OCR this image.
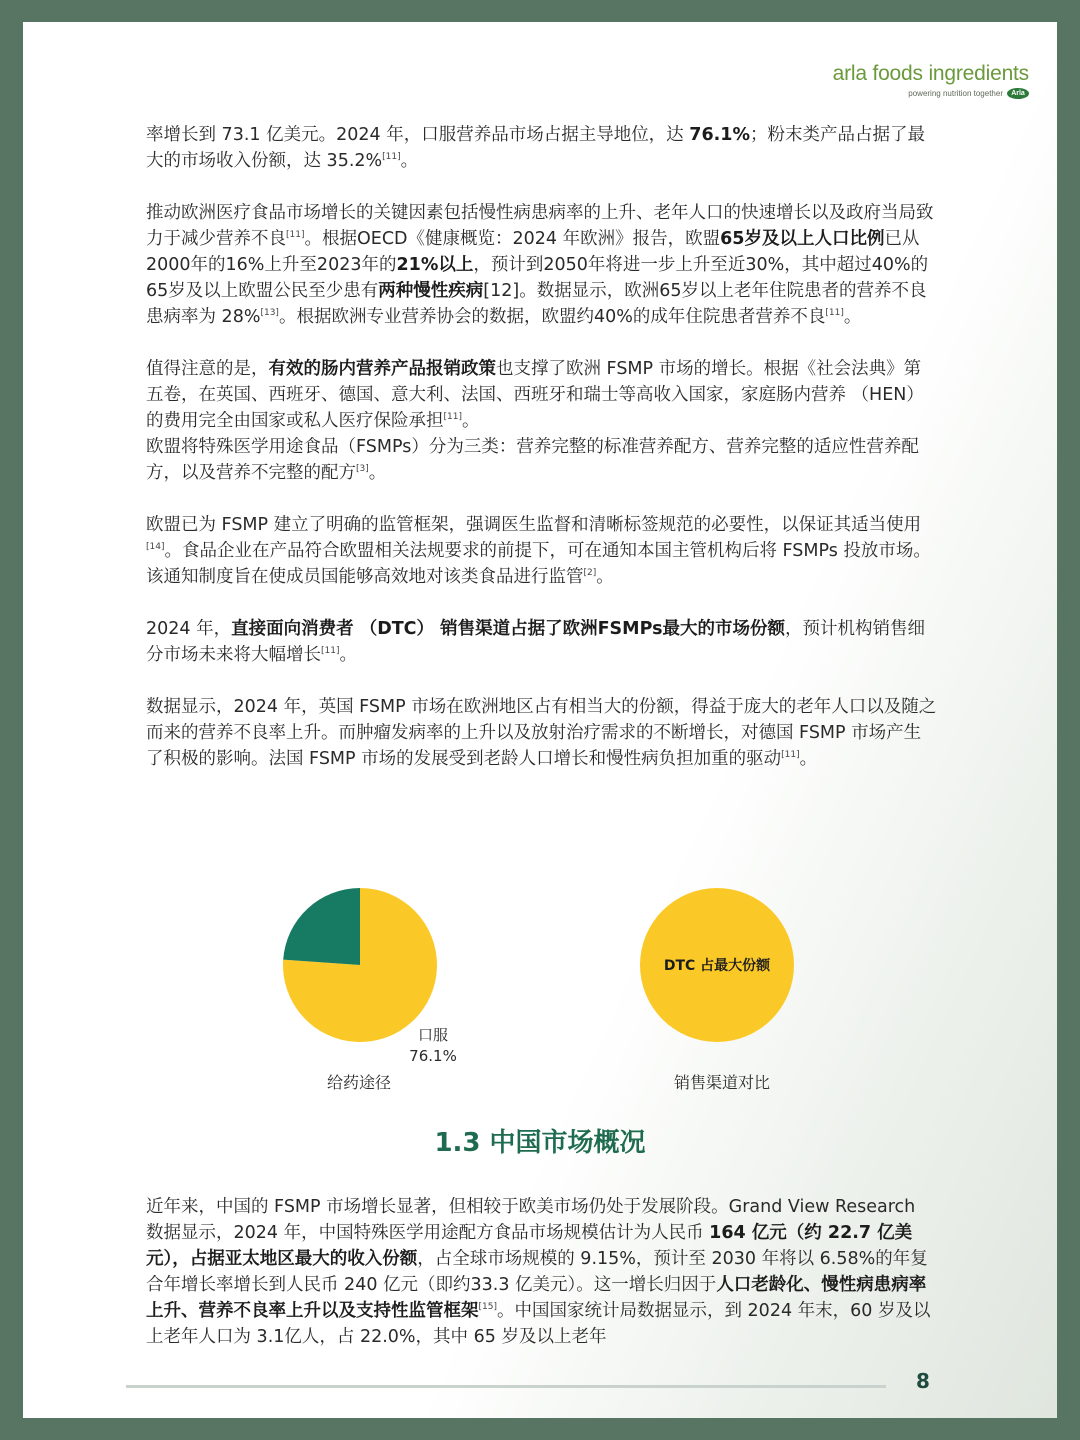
arla foods ingredients
powering nutrition together	Arla

率增长到 73.1 亿美元。2024 年，口服营养品市场占据主导地位，达 76.1%；粉末类产品占据了最大的市场收入份额，达 35.2%[11]。

推动欧洲医疗食品市场增长的关键因素包括慢性病患病率的上升、老年人口的快速增长以及政府当局致力于减少营养不良[11]。根据OECD《健康概览：2024 年欧洲》报告，欧盟65岁及以上人口比例已从2000年的16%上升至2023年的21%以上，预计到2050年将进一步上升至近30%，其中超过40%的65岁及以上欧盟公民至少患有两种慢性疾病[12]。数据显示，欧洲65岁以上老年住院患者的营养不良患病率为 28%[13]。根据欧洲专业营养协会的数据，欧盟约40%的成年住院患者营养不良[11]。

值得注意的是，有效的肠内营养产品报销政策也支撑了欧洲 FSMP 市场的增长。根据《社会法典》第五卷，在英国、西班牙、德国、意大利、法国、西班牙和瑞士等高收入国家，家庭肠内营养 （HEN） 的费用完全由国家或私人医疗保险承担[11]。

欧盟将特殊医学用途食品（FSMPs）分为三类：营养完整的标准营养配方、营养完整的适应性营养配方，以及营养不完整的配方[3]。

欧盟已为 FSMP 建立了明确的监管框架，强调医生监督和清晰标签规范的必要性，以保证其适当使用[14]。食品企业在产品符合欧盟相关法规要求的前提下，可在通知本国主管机构后将 FSMPs 投放市场。该通知制度旨在使成员国能够高效地对该类食品进行监管[2]。

2024 年，直接面向消费者 （DTC） 销售渠道占据了欧洲FSMPs最大的市场份额，预计机构销售细分市场未来将大幅增长[11]。

数据显示，2024 年，英国 FSMP 市场在欧洲地区占有相当大的份额，得益于庞大的老年人口以及随之而来的营养不良率上升。而肿瘤发病率的上升以及放射治疗需求的不断增长，对德国 FSMP 市场产生了积极的影响。法国 FSMP 市场的发展受到老龄人口增长和慢性病负担加重的驱动[11]。

口服
76.1%
DTC 占最大份额
给药途径	销售渠道对比
1.3 中国市场概况

近年来，中国的 FSMP 市场增长显著，但相较于欧美市场仍处于发展阶段。Grand View Research 数据显示，2024 年，中国特殊医学用途配方食品市场规模估计为人民币 164 亿元（约 22.7 亿美元），占据亚太地区最大的收入份额，占全球市场规模的 9.15%，预计至 2030 年将以 6.58%的年复合年增长率增长到人民币 240 亿元（即约33.3 亿美元）。这一增长归因于人口老龄化、慢性病患病率上升、营养不良率上升以及支持性监管框架[15]。中国国家统计局数据显示，到 2024 年末，60 岁及以上老年人口为 3.1亿人，占 22.0%，其中 65 岁及以上老年

8
